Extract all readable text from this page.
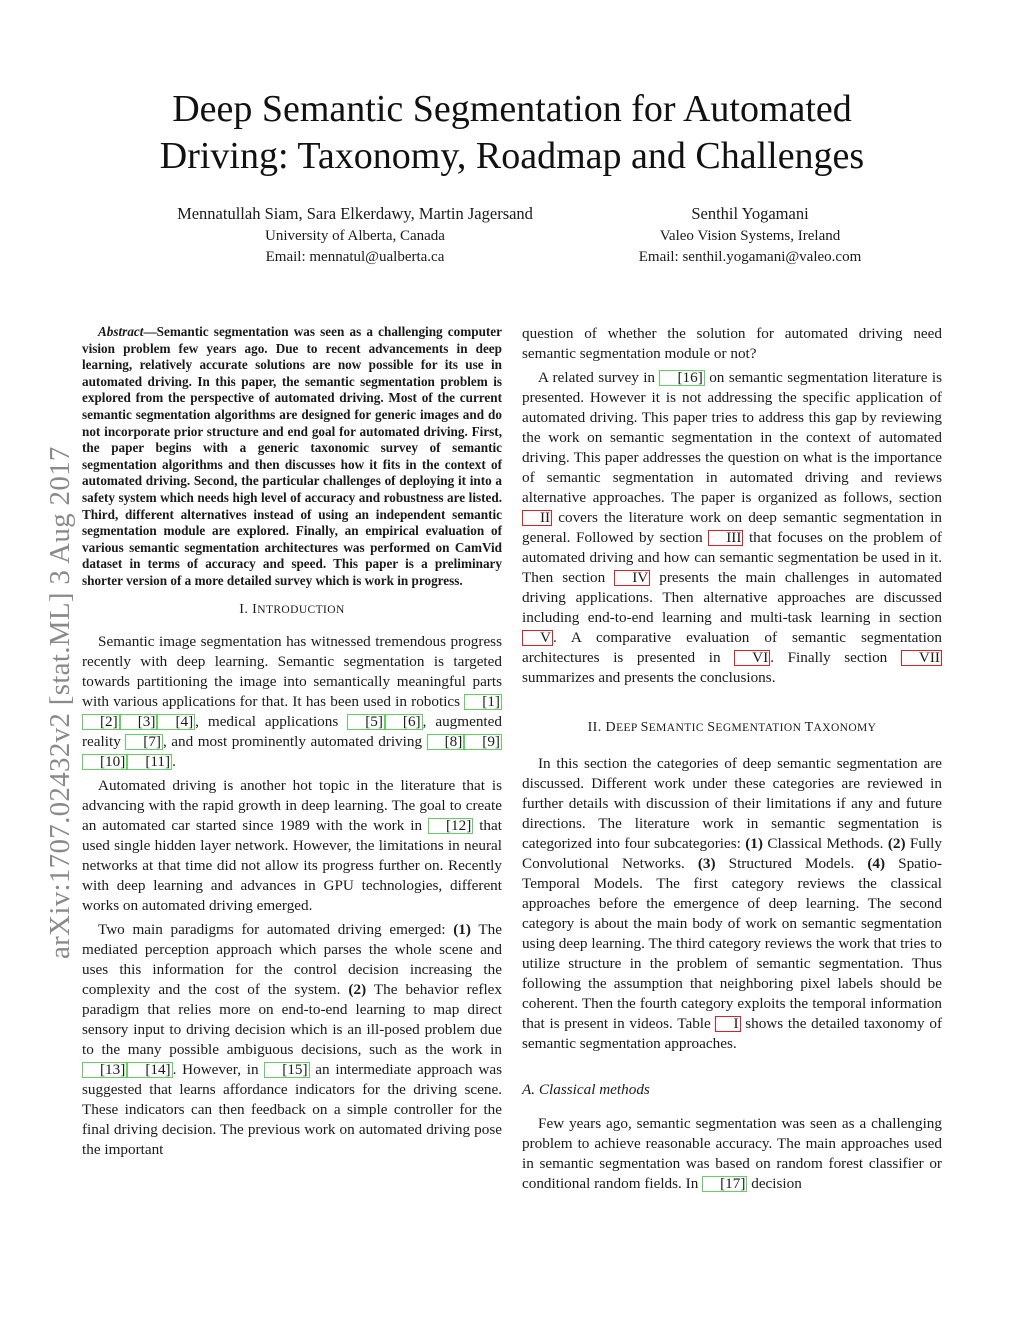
arXiv:1707.02432v2 [stat.ML] 3 Aug 2017
Deep Semantic Segmentation for Automated
Driving: Taxonomy, Roadmap and Challenges
Mennatullah Siam, Sara Elkerdawy, Martin Jagersand
University of Alberta, Canada
Email: mennatul@ualberta.ca
Senthil Yogamani
Valeo Vision Systems, Ireland
Email: senthil.yogamani@valeo.com
Abstract—Semantic segmentation was seen as a challenging computer vision problem few years ago. Due to recent advancements in deep learning, relatively accurate solutions are now possible for its use in automated driving. In this paper, the semantic segmentation problem is explored from the perspective of automated driving. Most of the current semantic segmentation algorithms are designed for generic images and do not incorporate prior structure and end goal for automated driving. First, the paper begins with a generic taxonomic survey of semantic segmentation algorithms and then discusses how it fits in the context of automated driving. Second, the particular challenges of deploying it into a safety system which needs high level of accuracy and robustness are listed. Third, different alternatives instead of using an independent semantic segmentation module are explored. Finally, an empirical evaluation of various semantic segmentation architectures was performed on CamVid dataset in terms of accuracy and speed. This paper is a preliminary shorter version of a more detailed survey which is work in progress.
I. INTRODUCTION

Semantic image segmentation has witnessed tremendous progress recently with deep learning. Semantic segmentation is targeted towards partitioning the image into semantically meaningful parts with various applications for that. It has been used in robotics [1][2] [3] [4] , medical applications [5] [6] , augmented reality [7] , and most prominently automated driving [8] [9][10] [11] .

Automated driving is another hot topic in the literature that is advancing with the rapid growth in deep learning. The goal to create an automated car started since 1989 with the work in [12] that used single hidden layer network. However, the limitations in neural networks at that time did not allow its progress further on. Recently with deep learning and advances in GPU technologies, different works on automated driving emerged.

Two main paradigms for automated driving emerged: (1) The mediated perception approach which parses the whole scene and uses this information for the control decision increasing the complexity and the cost of the system. (2) The behavior reflex paradigm that relies more on end-to-end learning to map direct sensory input to driving decision which is an ill-posed problem due to the many possible ambiguous decisions, such as the work in [13] [14] . However, in [15] an intermediate approach was suggested that learns affordance indicators for the driving scene. These indicators can then feedback on a simple controller for the final driving decision. The previous work on automated driving pose the important

question of whether the solution for automated driving need semantic segmentation module or not?

A related survey in [16] on semantic segmentation literature is presented. However it is not addressing the specific application of automated driving. This paper tries to address this gap by reviewing the work on semantic segmentation in the context of automated driving. This paper addresses the question on what is the importance of semantic segmentation in automated driving and reviews alternative approaches. The paper is organized as follows, section II covers the literature work on deep semantic segmentation in general. Followed by section III that focuses on the problem of automated driving and how can semantic segmentation be used in it. Then section IV presents the main challenges in automated driving applications. Then alternative approaches are discussed including end-to-end learning and multi-task learning in section V . A comparative evaluation of semantic segmentation architectures is presented in VI . Finally section VII summarizes and presents the conclusions.

II. DEEP SEMANTIC SEGMENTATION TAXONOMY

In this section the categories of deep semantic segmentation are discussed. Different work under these categories are reviewed in further details with discussion of their limitations if any and future directions. The literature work in semantic segmentation is categorized into four subcategories: (1) Classical Methods. (2) Fully Convolutional Networks. (3) Structured Models. (4) Spatio-Temporal Models. The first category reviews the classical approaches before the emergence of deep learning. The second category is about the main body of work on semantic segmentation using deep learning. The third category reviews the work that tries to utilize structure in the problem of semantic segmentation. Thus following the assumption that neighboring pixel labels should be coherent. Then the fourth category exploits the temporal information that is present in videos. Table I shows the detailed taxonomy of semantic segmentation approaches.

A. Classical methods

Few years ago, semantic segmentation was seen as a challenging problem to achieve reasonable accuracy. The main approaches used in semantic segmentation was based on random forest classifier or conditional random fields. In [17] decision
